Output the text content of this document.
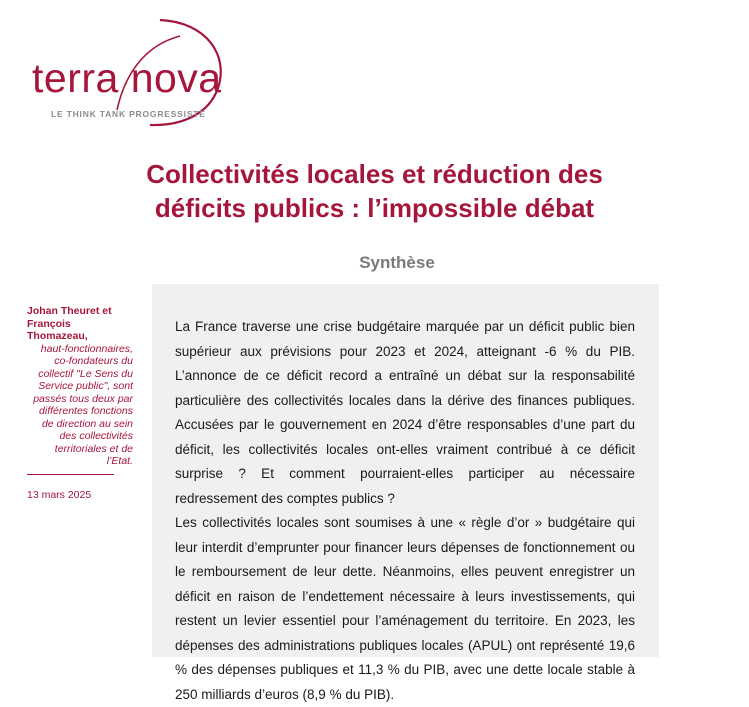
terra nova
LE THINK TANK PROGRESSISTE
Collectivités locales et réduction des
déficits publics : l’impossible débat
Synthèse
Johan Theuret et
François Thomazeau,
haut-fonctionnaires, co-fondateurs du collectif "Le Sens du Service public", sont passés tous deux par différentes fonctions de direction au sein des collectivités territoriales et de l’Etat.
13 mars 2025

La France traverse une crise budgétaire marquée par un déficit public bien supérieur aux prévisions pour 2023 et 2024, atteignant -6 % du PIB. L’annonce de ce déficit record a entraîné un débat sur la responsabilité particulière des collectivités locales dans la dérive des finances publiques. Accusées par le gouvernement en 2024 d’être responsables d’une part du déficit, les collectivités locales ont-elles vraiment contribué à ce déficit surprise ? Et comment pourraient-elles participer au nécessaire redressement des comptes publics ?

Les collectivités locales sont soumises à une « règle d’or » budgétaire qui leur interdit d’emprunter pour financer leurs dépenses de fonctionnement ou le remboursement de leur dette. Néanmoins, elles peuvent enregistrer un déficit en raison de l’endettement nécessaire à leurs investissements, qui restent un levier essentiel pour l’aménagement du territoire. En 2023, les dépenses des administrations publiques locales (APUL) ont représenté 19,6 % des dépenses publiques et 11,3 % du PIB, avec une dette locale stable à 250 milliards d’euros (8,9 % du PIB).
